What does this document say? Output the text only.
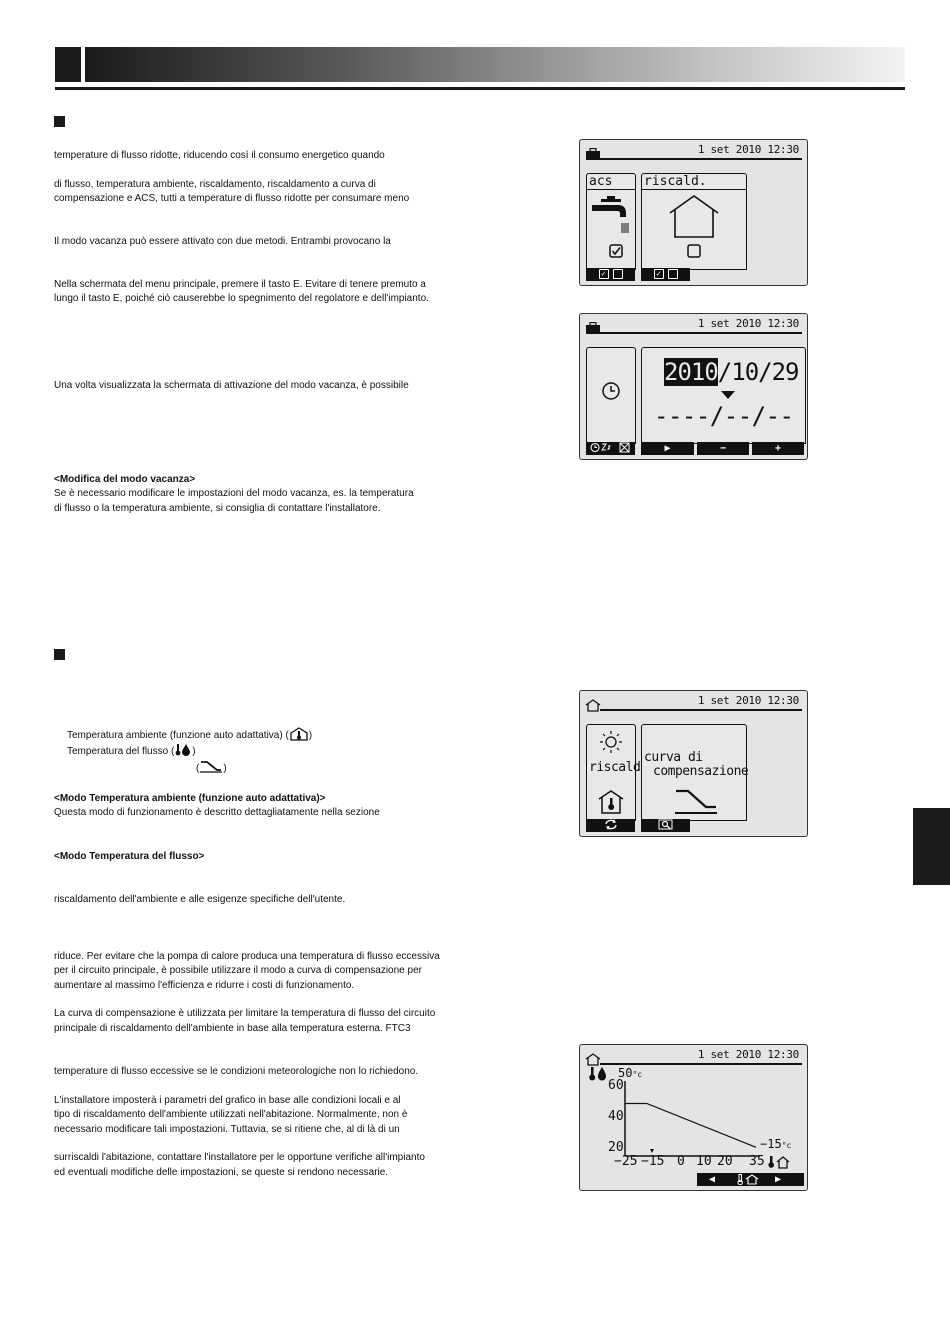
temperature di flusso ridotte, riducendo così il consumo energetico quando
di flusso, temperatura ambiente, riscaldamento, riscaldamento a curva di
compensazione e ACS, tutti a temperature di flusso ridotte per consumare meno
Il modo vacanza può essere attivato con due metodi. Entrambi provocano la
Nella schermata del menu principale, premere il tasto E. Evitare di tenere premuto a
lungo il tasto E, poiché ciò causerebbe lo spegnimento del regolatore e dell'impianto.
Una volta visualizzata la schermata di attivazione del modo vacanza, è possibile
<Modifica del modo vacanza>
Se è necessario modificare le impostazioni del modo vacanza, es. la temperatura
di flusso o la temperatura ambiente, si consiglia di contattare l'installatore.
Temperatura ambiente (funzione auto adattativa) ( )
Temperatura del flusso ( )
( )
<Modo Temperatura ambiente (funzione auto adattativa)>
Questa modo di funzionamento è descritto dettagliatamente nella sezione
<Modo Temperatura del flusso>
riscaldamento dell'ambiente e alle esigenze specifiche dell'utente.
riduce. Per evitare che la pompa di calore produca una temperatura di flusso eccessiva
per il circuito principale, è possibile utilizzare il modo a curva di compensazione per
aumentare al massimo l'efficienza e ridurre i costi di funzionamento.
La curva di compensazione è utilizzata per limitare la temperatura di flusso del circuito
principale di riscaldamento dell'ambiente in base alla temperatura esterna. FTC3
temperature di flusso eccessive se le condizioni meteorologiche non lo richiedono.
L'installatore imposterà i parametri del grafico in base alle condizioni locali e al
tipo di riscaldamento dell'ambiente utilizzati nell'abitazione. Normalmente, non è
necessario modificare tali impostazioni. Tuttavia, se si ritiene che, al di là di un
surriscaldi l'abitazione, contattare l'installatore per le opportune verifiche all'impianto
ed eventuali modifiche delle impostazioni, se queste si rendono necessarie.
1 set 2010 12:30
acs riscald.
✓	✓
1 set 2010 12:30
2010/10/29
----/--/--
▶	−	+
1 set 2010 12:30
riscald
curva di
compensazione
1 set 2010 12:30
50°c
60
40
20	−15°c
−25 −15 0 10 20 35
◀	▶
